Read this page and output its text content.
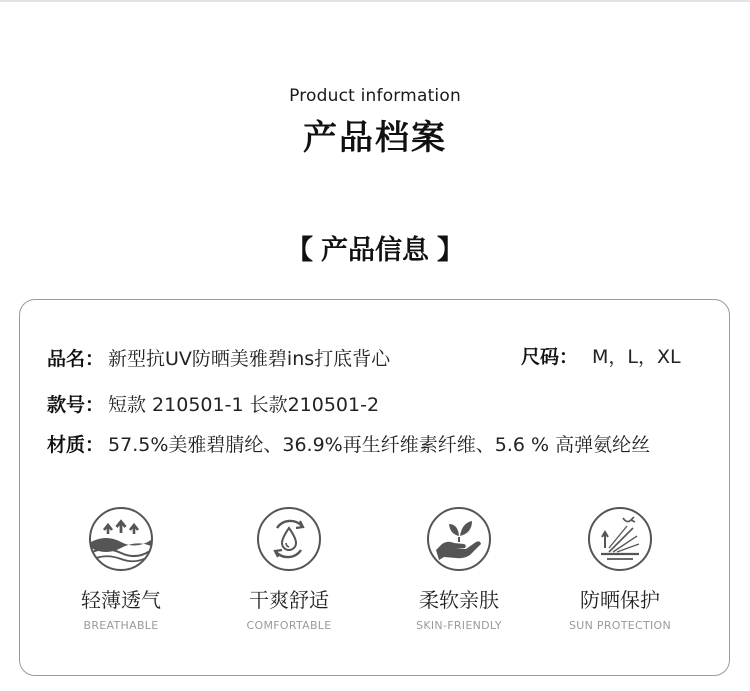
Product information
产品档案
【 产品信息 】
品名： 新型抗UV防晒美雅碧ins打底背心	尺码： M，L，XL
款号： 短款 210501-1 长款210501-2
材质： 57.5%美雅碧腈纶、36.9%再生纤维素纤维、5.6 % 高弹氨纶丝
轻薄透气
BREATHABLE
干爽舒适
COMFORTABLE
柔软亲肤
SKIN-FRIENDLY
防晒保护
SUN PROTECTION
